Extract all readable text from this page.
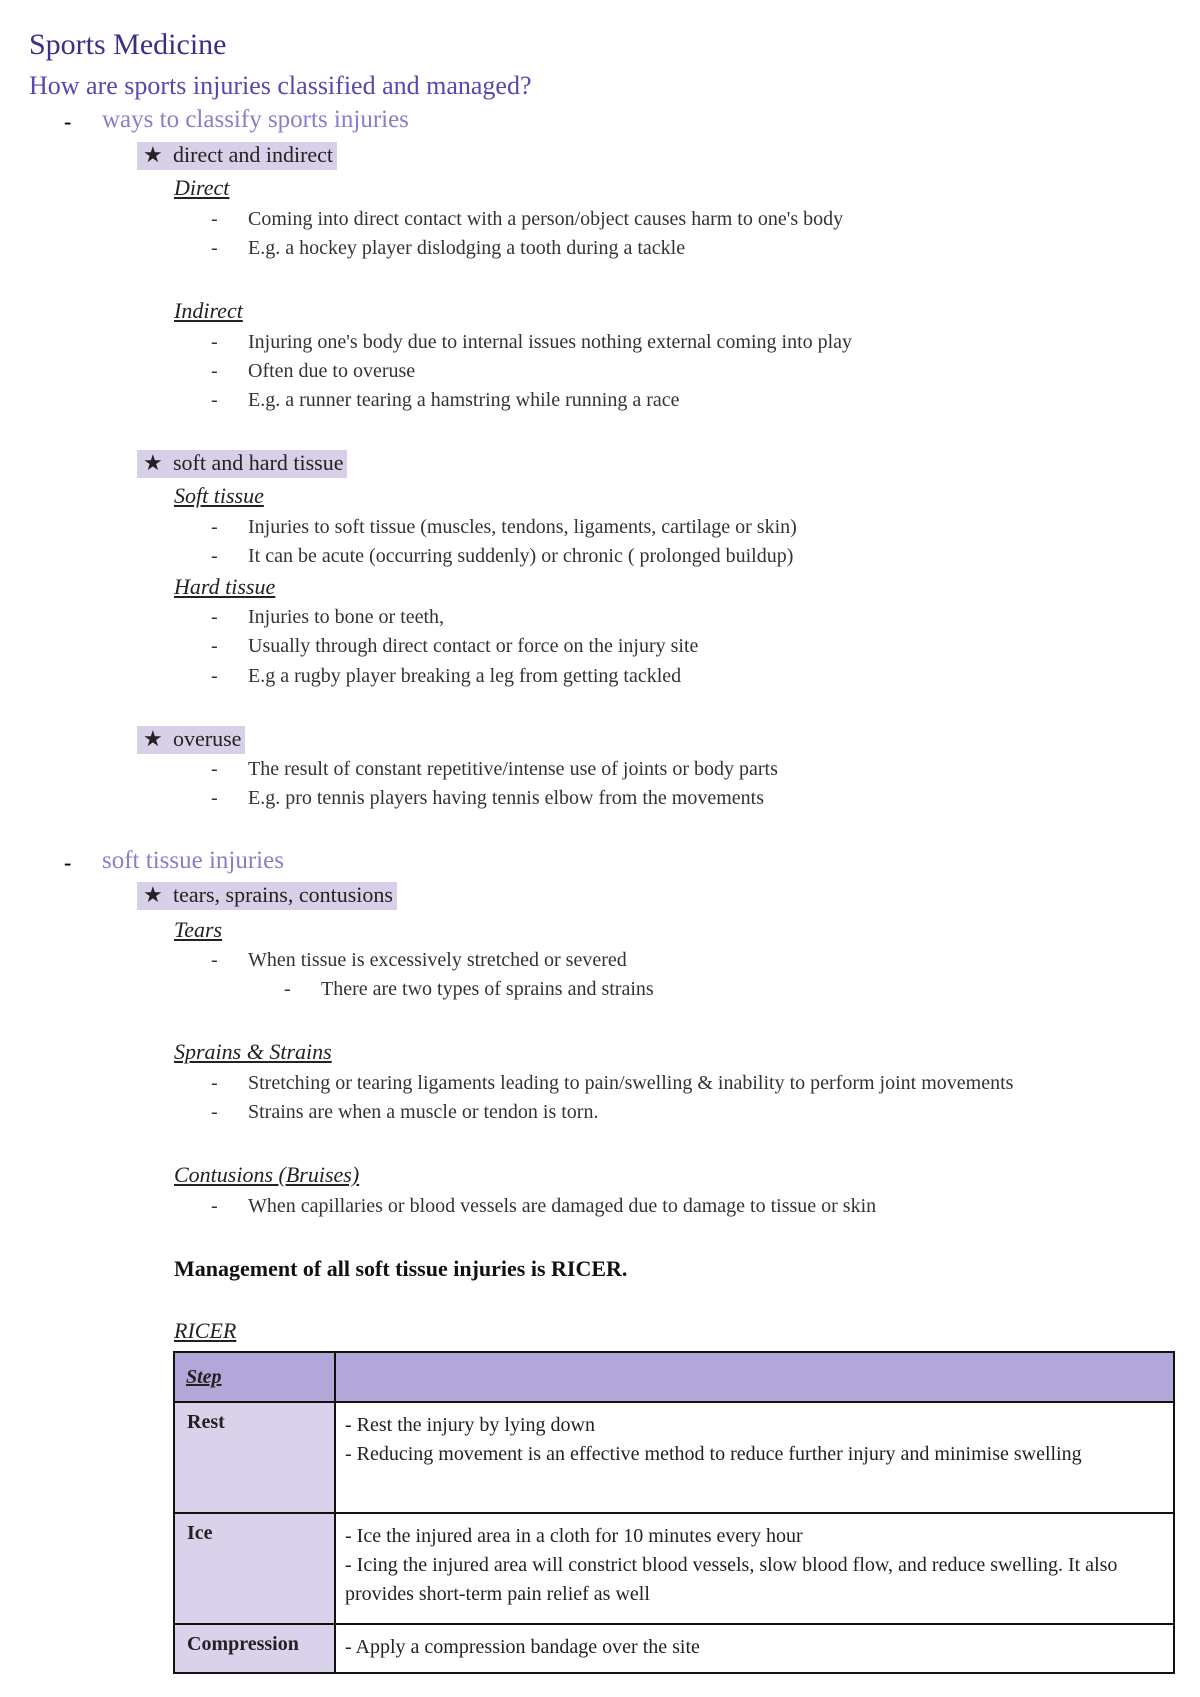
Sports Medicine
How are sports injuries classified and managed?
- ways to classify sports injuries
★ direct and indirect
Direct
- Coming into direct contact with a person/object causes harm to one's body
- E.g. a hockey player dislodging a tooth during a tackle
Indirect
- Injuring one's body due to internal issues nothing external coming into play
- Often due to overuse
- E.g. a runner tearing a hamstring while running a race
★ soft and hard tissue
Soft tissue
- Injuries to soft tissue (muscles, tendons, ligaments, cartilage or skin)
- It can be acute (occurring suddenly) or chronic ( prolonged buildup)
Hard tissue
- Injuries to bone or teeth,
- Usually through direct contact or force on the injury site
- E.g a rugby player breaking a leg from getting tackled
★ overuse
- The result of constant repetitive/intense use of joints or body parts
- E.g. pro tennis players having tennis elbow from the movements
- soft tissue injuries
★ tears, sprains, contusions
Tears
- When tissue is excessively stretched or severed
- There are two types of sprains and strains
Sprains & Strains
- Stretching or tearing ligaments leading to pain/swelling & inability to perform joint movements
- Strains are when a muscle or tendon is torn.
Contusions (Bruises)
- When capillaries or blood vessels are damaged due to damage to tissue or skin
Management of all soft tissue injuries is RICER.
RICER
Step	
Rest	- Rest the injury by lying down
- Reducing movement is an effective method to reduce further injury and minimise swelling

Ice	- Ice the injured area in a cloth for 10 minutes every hour
- Icing the injured area will constrict blood vessels, slow blood flow, and reduce swelling. It also provides short-term pain relief as well

Compression	- Apply a compression bandage over the site
